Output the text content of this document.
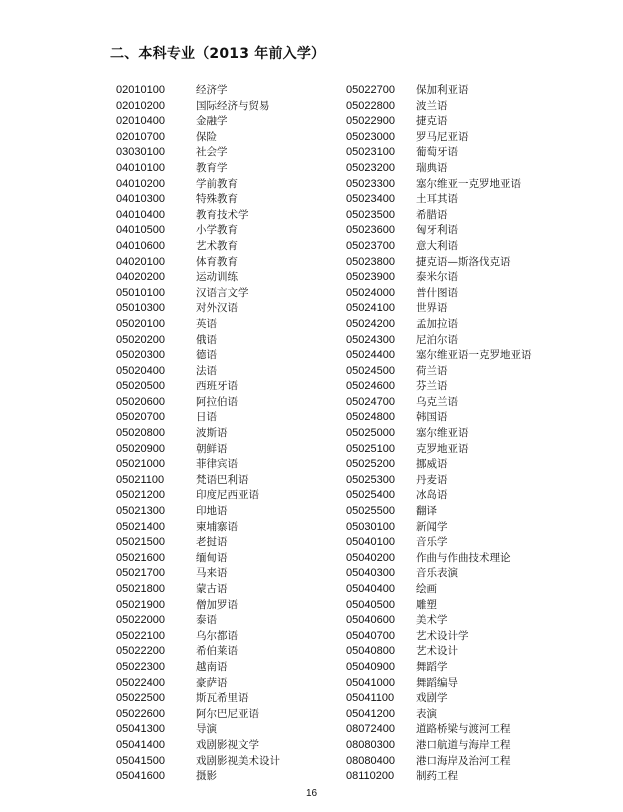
二、本科专业（2013 年前入学）
02010100	经济学
02010200	国际经济与贸易
02010400	金融学
02010700	保险
03030100	社会学
04010100	教育学
04010200	学前教育
04010300	特殊教育
04010400	教育技术学
04010500	小学教育
04010600	艺术教育
04020100	体育教育
04020200	运动训练
05010100	汉语言文学
05010300	对外汉语
05020100	英语
05020200	俄语
05020300	德语
05020400	法语
05020500	西班牙语
05020600	阿拉伯语
05020700	日语
05020800	波斯语
05020900	朝鲜语
05021000	菲律宾语
05021100	梵语巴利语
05021200	印度尼西亚语
05021300	印地语
05021400	柬埔寨语
05021500	老挝语
05021600	缅甸语
05021700	马来语
05021800	蒙古语
05021900	僧加罗语
05022000	泰语
05022100	乌尔都语
05022200	希伯莱语
05022300	越南语
05022400	豪萨语
05022500	斯瓦希里语
05022600	阿尔巴尼亚语
05041300	导演
05041400	戏剧影视文学
05041500	戏剧影视美术设计
05041600	摄影
05022700 保加利亚语
05022800 波兰语
05022900 捷克语
05023000 罗马尼亚语
05023100 葡萄牙语
05023200 瑞典语
05023300 塞尔维亚一克罗地亚语
05023400 土耳其语
05023500 希腊语
05023600 匈牙利语
05023700 意大利语
05023800 捷克语—斯洛伐克语
05023900 泰米尔语
05024000 普什图语
05024100 世界语
05024200 孟加拉语
05024300 尼泊尔语
05024400 塞尔维亚语一克罗地亚语
05024500 荷兰语
05024600 芬兰语
05024700 乌克兰语
05024800 韩国语
05025000 塞尔维亚语
05025100 克罗地亚语
05025200 挪威语
05025300 丹麦语
05025400 冰岛语
05025500 翻译
05030100 新闻学
05040100 音乐学
05040200 作曲与作曲技术理论
05040300 音乐表演
05040400 绘画
05040500 雕塑
05040600 美术学
05040700 艺术设计学
05040800 艺术设计
05040900 舞蹈学
05041000 舞蹈编导
05041100 戏剧学
05041200 表演
08072400 道路桥梁与渡河工程
08080300 港口航道与海岸工程
08080400 港口海岸及治河工程
08110200 制药工程
16
